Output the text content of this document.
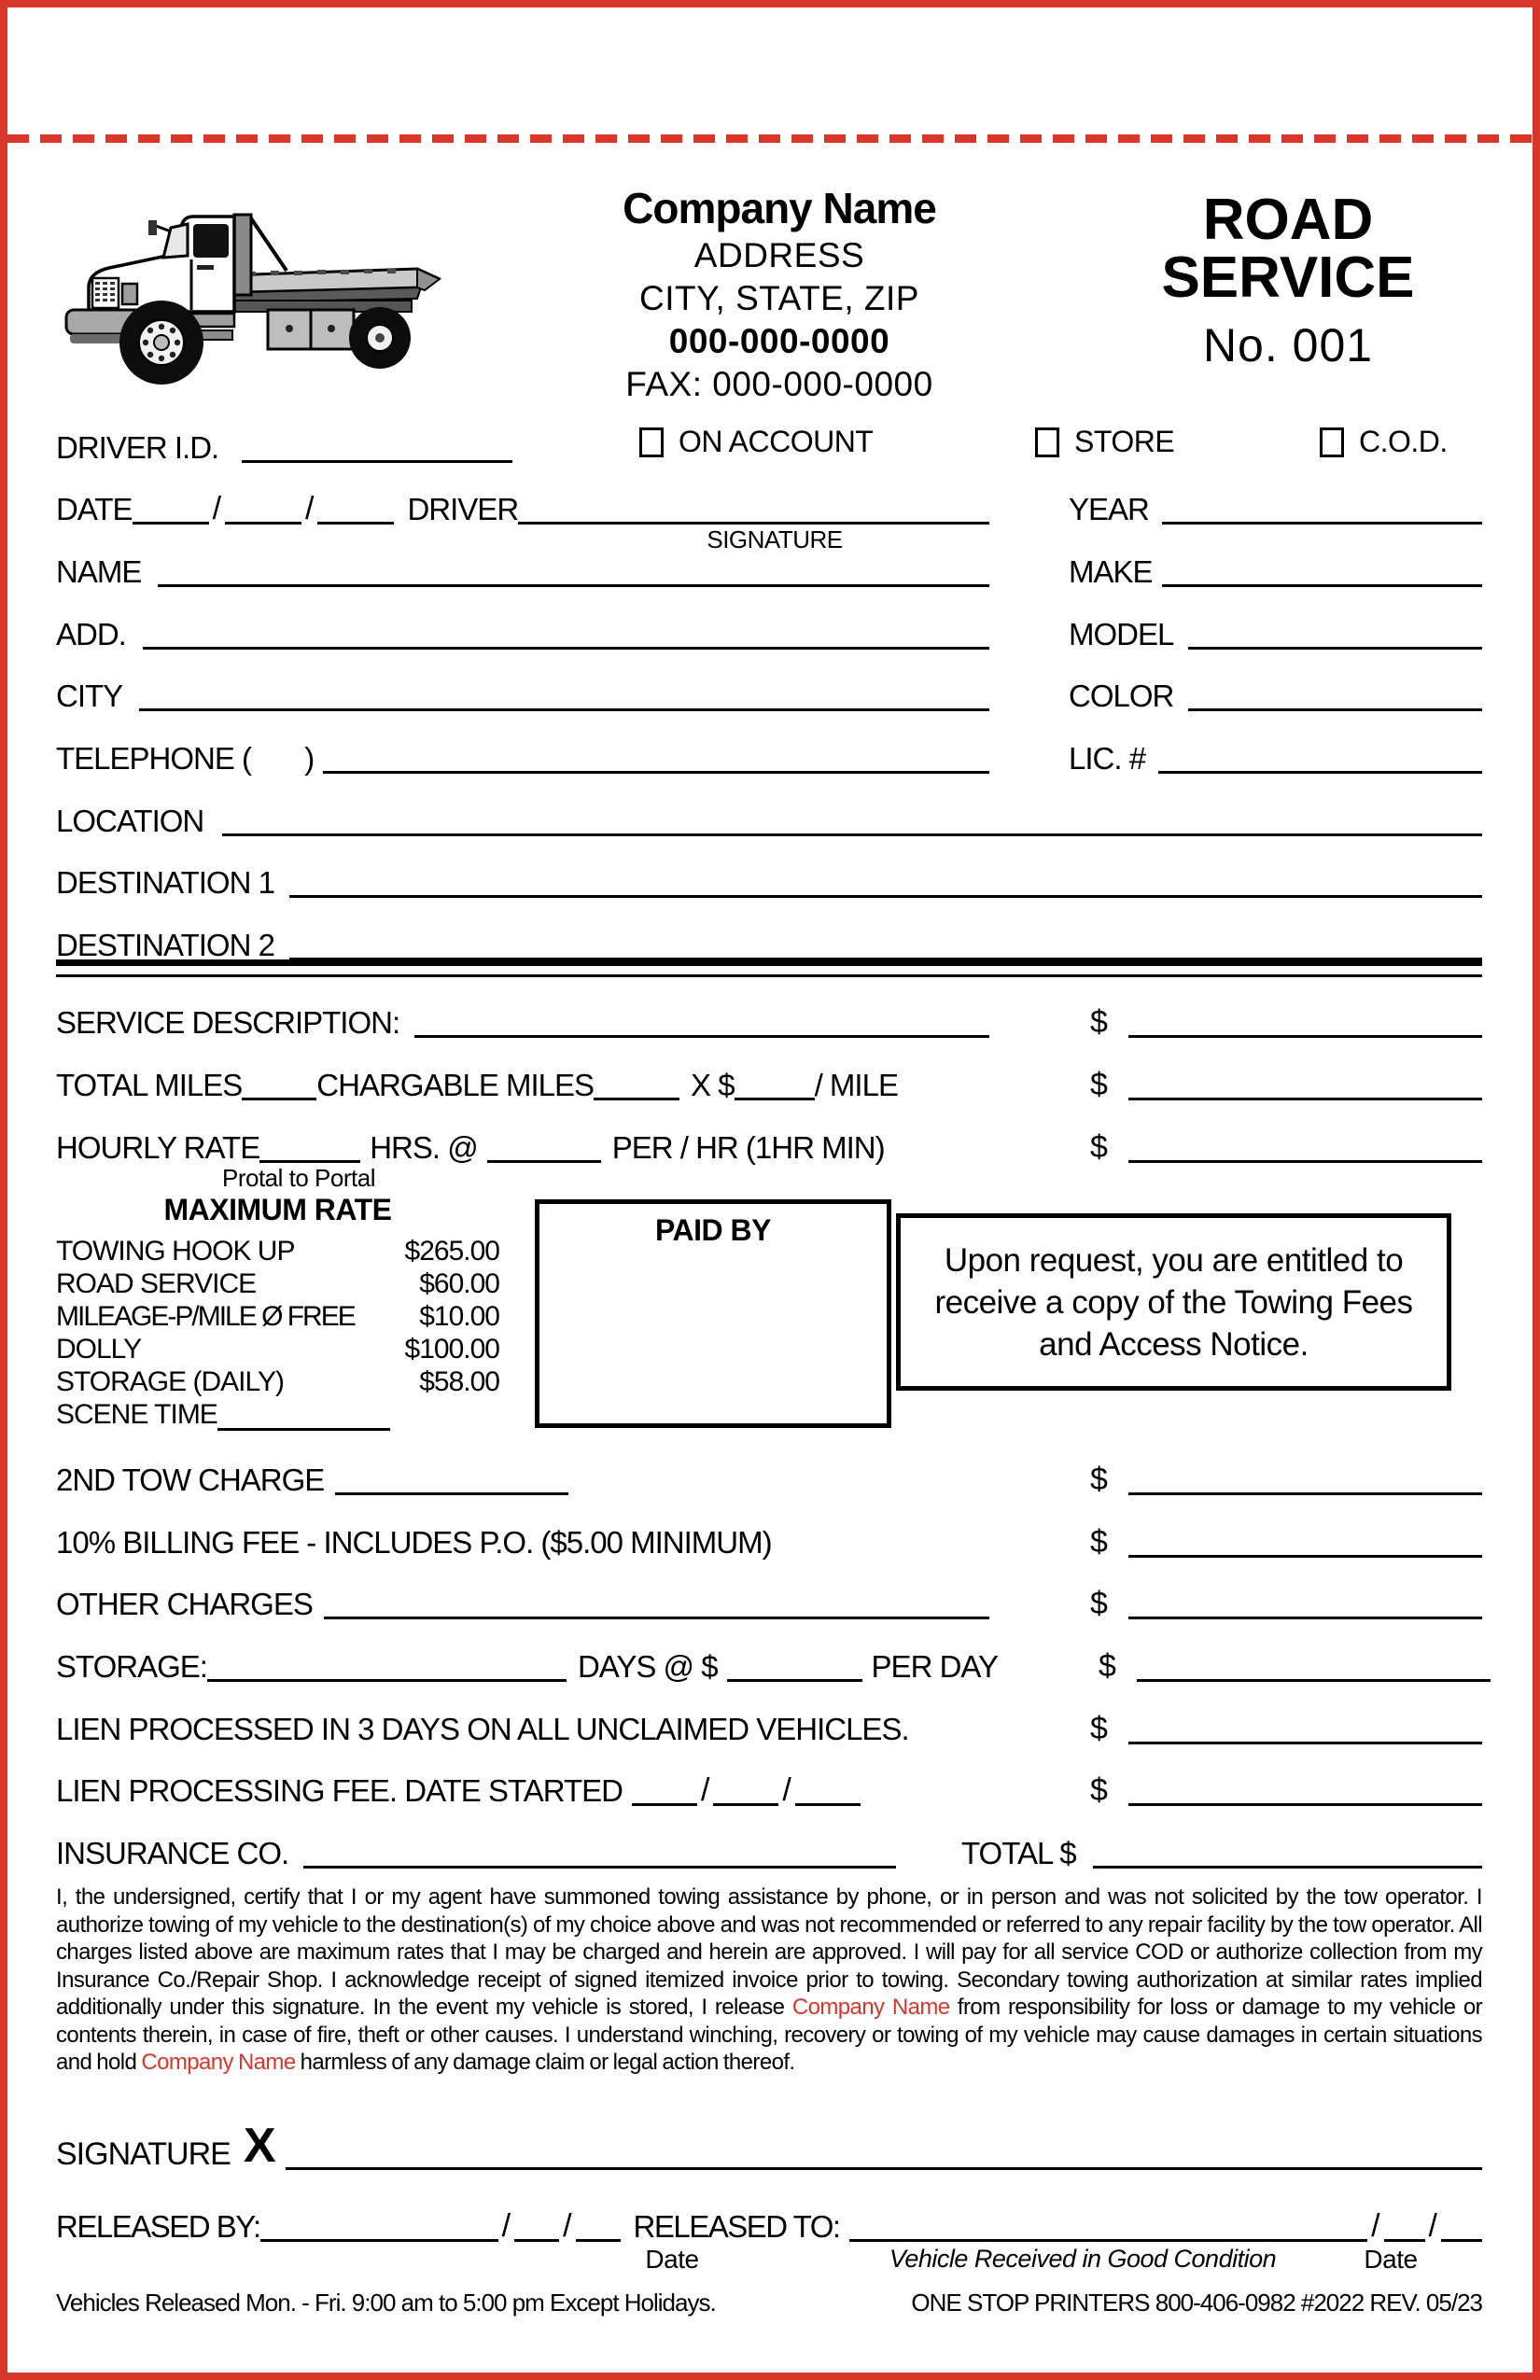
Company Name
ADDRESS
CITY, STATE, ZIP
000-000-0000
FAX: 000-000-0000
ROAD
SERVICE
No. 001
DRIVER I.D.	ON ACCOUNT	STORE	C.O.D.
DATE	/	/	DRIVER	YEAR
SIGNATURE
NAME	MAKE
ADD.	MODEL
CITY	COLOR
TELEPHONE (       )	LIC. #
LOCATION
DESTINATION 1
DESTINATION 2
SERVICE DESCRIPTION:	$
TOTAL MILES CHARGABLE MILES	X $	/ MILE	$
HOURLY RATE	HRS. @	PER / HR (1HR MIN)	$
Protal to Portal
MAXIMUM RATE
TOWING HOOK UP	$265.00
ROAD SERVICE	$60.00
MILEAGE-P/MILE Ø FREE $10.00
DOLLY	$100.00
STORAGE (DAILY)	$58.00
SCENE TIME
PAID BY
Upon request, you are entitled to receive a copy of the Towing Fees and Access Notice.
2ND TOW CHARGE	$
10% BILLING FEE - INCLUDES P.O. ($5.00 MINIMUM)	$
OTHER CHARGES	$
STORAGE:	DAYS @ $	PER DAY	$
LIEN PROCESSED IN 3 DAYS ON ALL UNCLAIMED VEHICLES.	$
LIEN PROCESSING FEE. DATE STARTED / /	$
INSURANCE CO.	TOTAL $
I, the undersigned, certify that I or my agent have summoned towing assistance by phone, or in person and was not solicited by the tow operator. I authorize towing of my vehicle to the destination(s) of my choice above and was not recommended or referred to any repair facility by the tow operator. All charges listed above are maximum rates that I may be charged and herein are approved. I will pay for all service COD or authorize collection from my Insurance Co./Repair Shop. I acknowledge receipt of signed itemized invoice prior to towing. Secondary towing authorization at similar rates implied additionally under this signature. In the event my vehicle is stored, I release Company Name from responsibility for loss or damage to my vehicle or contents therein, in case of fire, theft or other causes. I understand winching, recovery or towing of my vehicle may cause damages in certain situations and hold Company Name harmless of any damage claim or legal action thereof.
SIGNATURE X
RELEASED BY:	/ / RELEASED TO:	/ /
Date	Vehicle Received in Good Condition	Date
Vehicles Released Mon. - Fri. 9:00 am to 5:00 pm Except Holidays.	ONE STOP PRINTERS 800-406-0982 #2022 REV. 05/23
